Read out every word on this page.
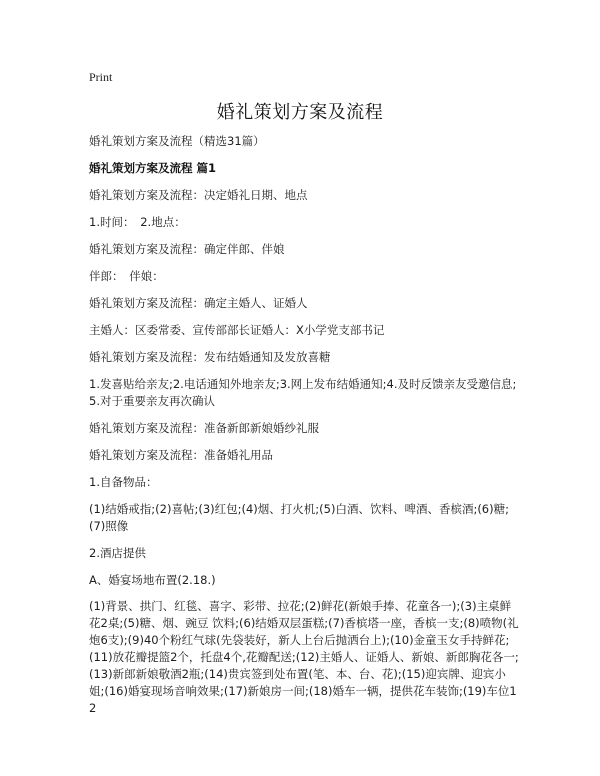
Print
婚礼策划方案及流程

婚礼策划方案及流程（精选31篇）

婚礼策划方案及流程 篇1

婚礼策划方案及流程：决定婚礼日期、地点

1.时间：　2.地点：

婚礼策划方案及流程：确定伴郎、伴娘

伴郎：　伴娘：

婚礼策划方案及流程：确定主婚人、证婚人

主婚人：区委常委、宣传部部长证婚人：X小学党支部书记

婚礼策划方案及流程：发布结婚通知及发放喜糖

1.发喜贴给亲友;2.电话通知外地亲友;3.网上发布结婚通知;4.及时反馈亲友受邀信息;5.对于重要亲友再次确认

婚礼策划方案及流程：准备新郎新娘婚纱礼服

婚礼策划方案及流程：准备婚礼用品

1.自备物品：

(1)结婚戒指;(2)喜帖;(3)红包;(4)烟、打火机;(5)白酒、饮料、啤酒、香槟酒;(6)糖;(7)照像

2.酒店提供

A、婚宴场地布置(2.18.)

(1)背景、拱门、红毯、喜字、彩带、拉花;(2)鲜花(新娘手捧、花童各一);(3)主桌鲜花2桌;(5)糖、烟、豌豆 饮料;(6)结婚双层蛋糕;(7)香槟塔一座，香槟一支;(8)喷物(礼炮6支);(9)40个粉红气球(先袋装好，新人上台后抛洒台上);(10)金童玉女手持鲜花;(11)放花瓣提篮2个，托盘4个,花瓣配送;(12)主婚人、证婚人、新娘、新郎胸花各一;(13)新郎新娘敬酒2瓶;(14)贵宾签到处布置(笔、本、台、花);(15)迎宾牌、迎宾小姐;(16)婚宴现场音响效果;(17)新娘房一间;(18)婚车一辆，提供花车装饰;(19)车位12
